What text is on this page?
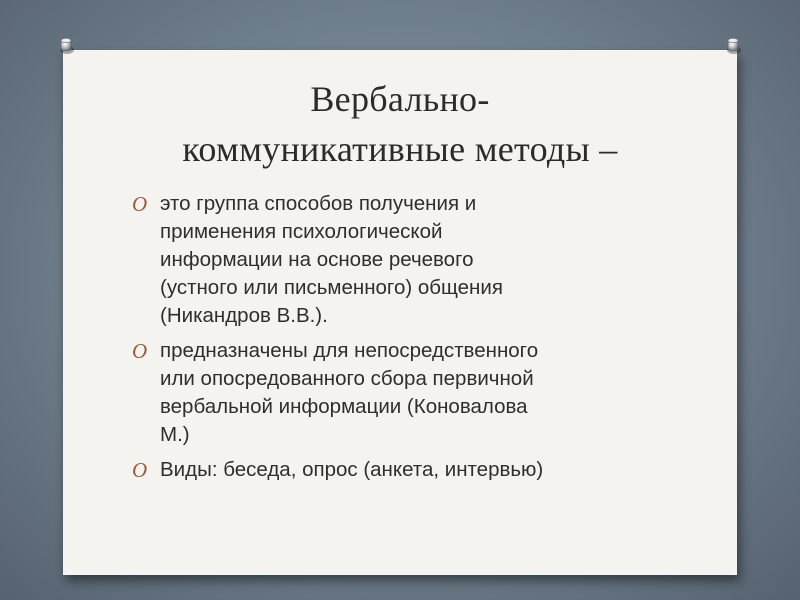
Вербально-
коммуникативные методы –
O это группа способов получения и
применения психологической
информации на основе речевого
(устного или письменного) общения
(Никандров В.В.).
O предназначены для непосредственного
или опосредованного сбора первичной
вербальной информации (Коновалова
М.)
O Виды: беседа, опрос (анкета, интервью)
